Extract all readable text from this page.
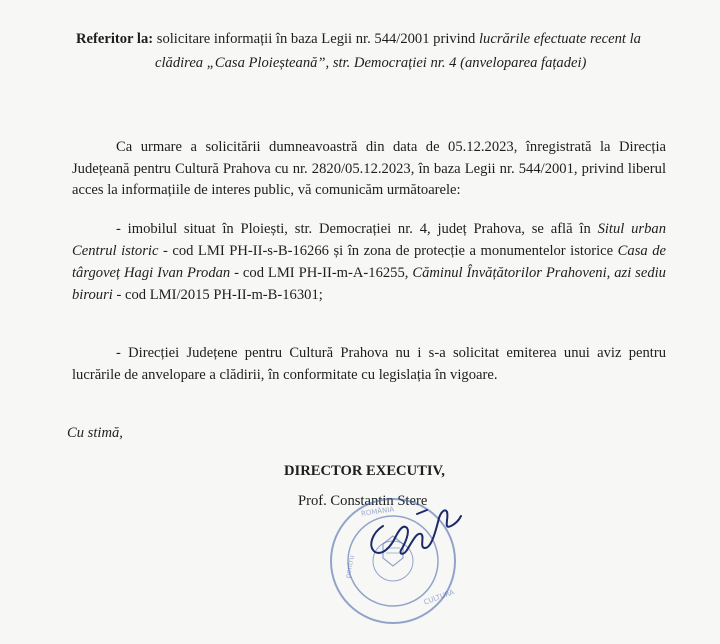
Referitor la: solicitare informații în baza Legii nr. 544/2001 privind lucrările efectuate recent la
clădirea „Casa Ploieșteană”, str. Democrației nr. 4 (anveloparea fațadei)
Ca urmare a solicitării dumneavoastră din data de 05.12.2023, înregistrată la Direcția
Județeană pentru Cultură Prahova cu nr. 2820/05.12.2023, în baza Legii nr. 544/2001, privind liberul
acces la informațiile de interes public, vă comunicăm următoarele:
- imobilul situat în Ploiești, str. Democrației nr. 4, județ Prahova, se află în Situl urban
Centrul istoric - cod LMI PH-II-s-B-16266 și în zona de protecție a monumentelor istorice Casa de
târgoveț Hagi Ivan Prodan - cod LMI PH-II-m-A-16255, Căminul Învățătorilor Prahoveni, azi sediu
birouri - cod LMI/2015 PH-II-m-B-16301;
- Direcției Județene pentru Cultură Prahova nu i s-a solicitat emiterea unui aviz pentru
lucrările de anvelopare a clădirii, în conformitate cu legislația în vigoare.
Cu stimă,
DIRECTOR EXECUTIV,
Prof. Constantin Stere
ROMÂNIA
CULTURA
pentru
